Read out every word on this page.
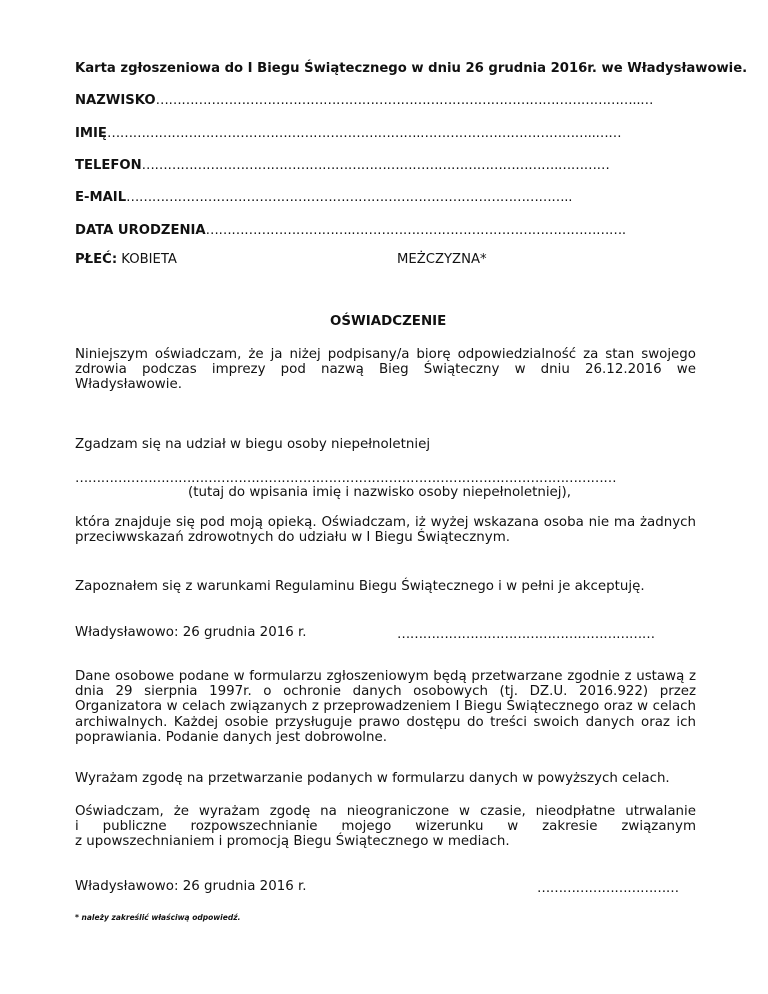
Karta zgłoszeniowa do I Biegu Świątecznego w dniu 26 grudnia 2016r. we Władysławowie.
NAZWISKO…………………………………………………………………………………………………..…
IMIĘ……………………………………………………………….…………………………………..……
TELEFON…………………………………………………………………………………….…………
E-MAIL…………………………………………………………………………………………..
DATA URODZENIA…………………………….……………………………………………………….
PŁEĆ: KOBIETA	MEŻCZYZNA*
OŚWIADCZENIE
Niniejszym oświadczam, że ja niżej podpisany/a biorę odpowiedzialność za stan swojego zdrowia podczas imprezy pod nazwą Bieg Świąteczny w dniu 26.12.2016 we Władysławowie.
Zgadzam się na udział w biegu osoby niepełnoletniej
………………………………………………………………………………………………………………
(tutaj do wpisania imię i nazwisko osoby niepełnoletniej),
która znajduje się pod moją opieką. Oświadczam, iż wyżej wskazana osoba nie ma żadnych przeciwwskazań zdrowotnych do udziału w I Biegu Świątecznym.
Zapoznałem się z warunkami Regulaminu Biegu Świątecznego i w pełni je akceptuję.
Władysławowo: 26 grudnia 2016 r.	……………………………………………………
Dane osobowe podane w formularzu zgłoszeniowym będą przetwarzane zgodnie z ustawą z dnia 29 sierpnia 1997r. o ochronie danych osobowych (tj. DZ.U. 2016.922) przez Organizatora w celach związanych z przeprowadzeniem I Biegu Świątecznego oraz w celach archiwalnych. Każdej osobie przysługuje prawo dostępu do treści swoich danych oraz ich poprawiania. Podanie danych jest dobrowolne.
Wyrażam zgodę na przetwarzanie podanych w formularzu danych w powyższych celach.
Oświadczam, że wyrażam zgodę na nieograniczone w czasie, nieodpłatne utrwalanie
i publiczne rozpowszechnianie mojego wizerunku w zakresie związanym
z upowszechnianiem i promocją Biegu Świątecznego w mediach.
Władysławowo: 26 grudnia 2016 r.	……………………………
* należy zakreślić właściwą odpowiedź.
